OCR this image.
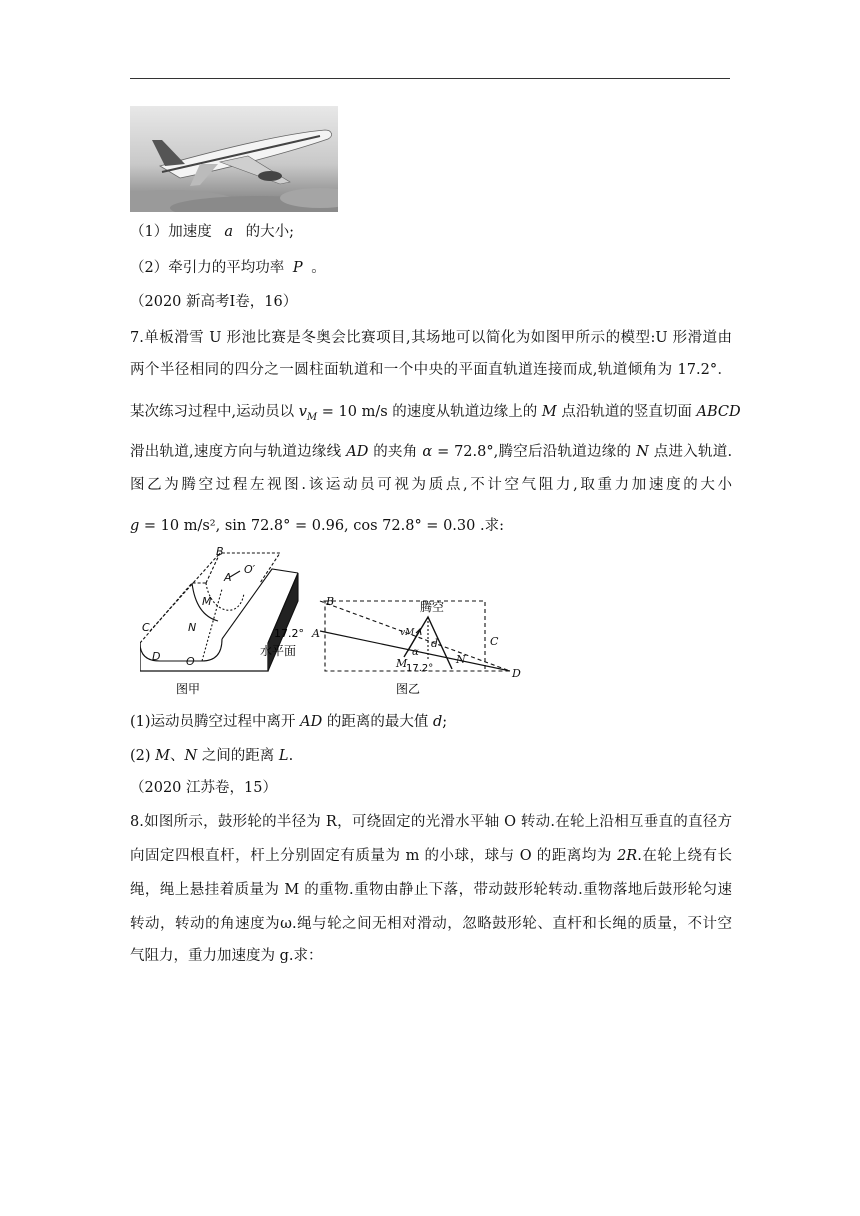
（1）加速度 a 的大小;
（2）牵引力的平均功率 P 。
（2020 新高考Ⅰ卷，16）
7.单板滑雪 U 形池比赛是冬奥会比赛项目,其场地可以简化为如图甲所示的模型:U 形滑道由
两个半径相同的四分之一圆柱面轨道和一个中央的平面直轨道连接而成,轨道倾角为 17.2°．
某次练习过程中,运动员以 $v_M = 10$ m/s 的速度从轨道边缘上的 M 点沿轨道的竖直切面 ABCD
滑出轨道,速度方向与轨道边缘线 AD 的夹角 α = 72.8°,腾空后沿轨道边缘的 N 点进入轨道.
图乙为腾空过程左视图.该运动员可视为质点,不计空气阻力,取重力加速度的大小
g = 10 m/s², sin 72.8° = 0.96, cos 72.8° = 0.30 .求:
B
A
O′
M
C	N
D O
17.2°
水平面
图甲
B
A
C
D
vM
α
d
M	N
腾空
17.2°
图乙
(1)运动员腾空过程中离开 AD 的距离的最大值 d;
(2) M、N 之间的距离 L.
（2020 江苏卷，15）
8.如图所示，鼓形轮的半径为 R，可绕固定的光滑水平轴 O 转动.在轮上沿相互垂直的直径方
向固定四根直杆，杆上分别固定有质量为 m 的小球，球与 O 的距离均为 2R.在轮上绕有长
绳，绳上悬挂着质量为 M 的重物.重物由静止下落，带动鼓形轮转动.重物落地后鼓形轮匀速
转动，转动的角速度为ω.绳与轮之间无相对滑动，忽略鼓形轮、直杆和长绳的质量，不计空
气阻力，重力加速度为 g.求：
